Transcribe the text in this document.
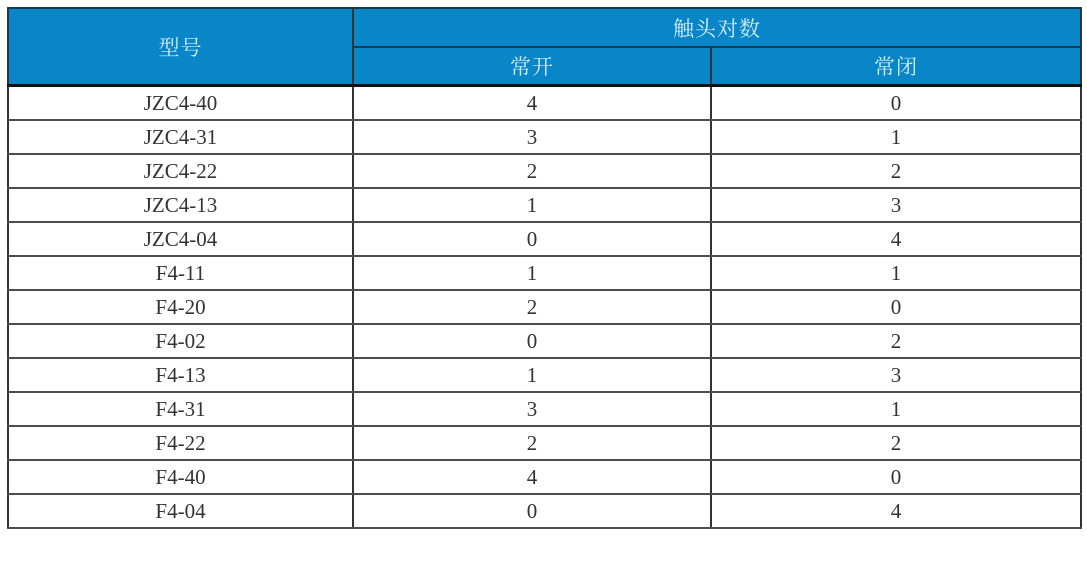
型号	触头对数	
	常开	常闭
JZC4-40	4	0
JZC4-31	3	1
JZC4-22	2	2
JZC4-13	1	3
JZC4-04	0	4
F4-11	1	1
F4-20	2	0
F4-02	0	2
F4-13	1	3
F4-31	3	1
F4-22	2	2
F4-40	4	0
F4-04	0	4
